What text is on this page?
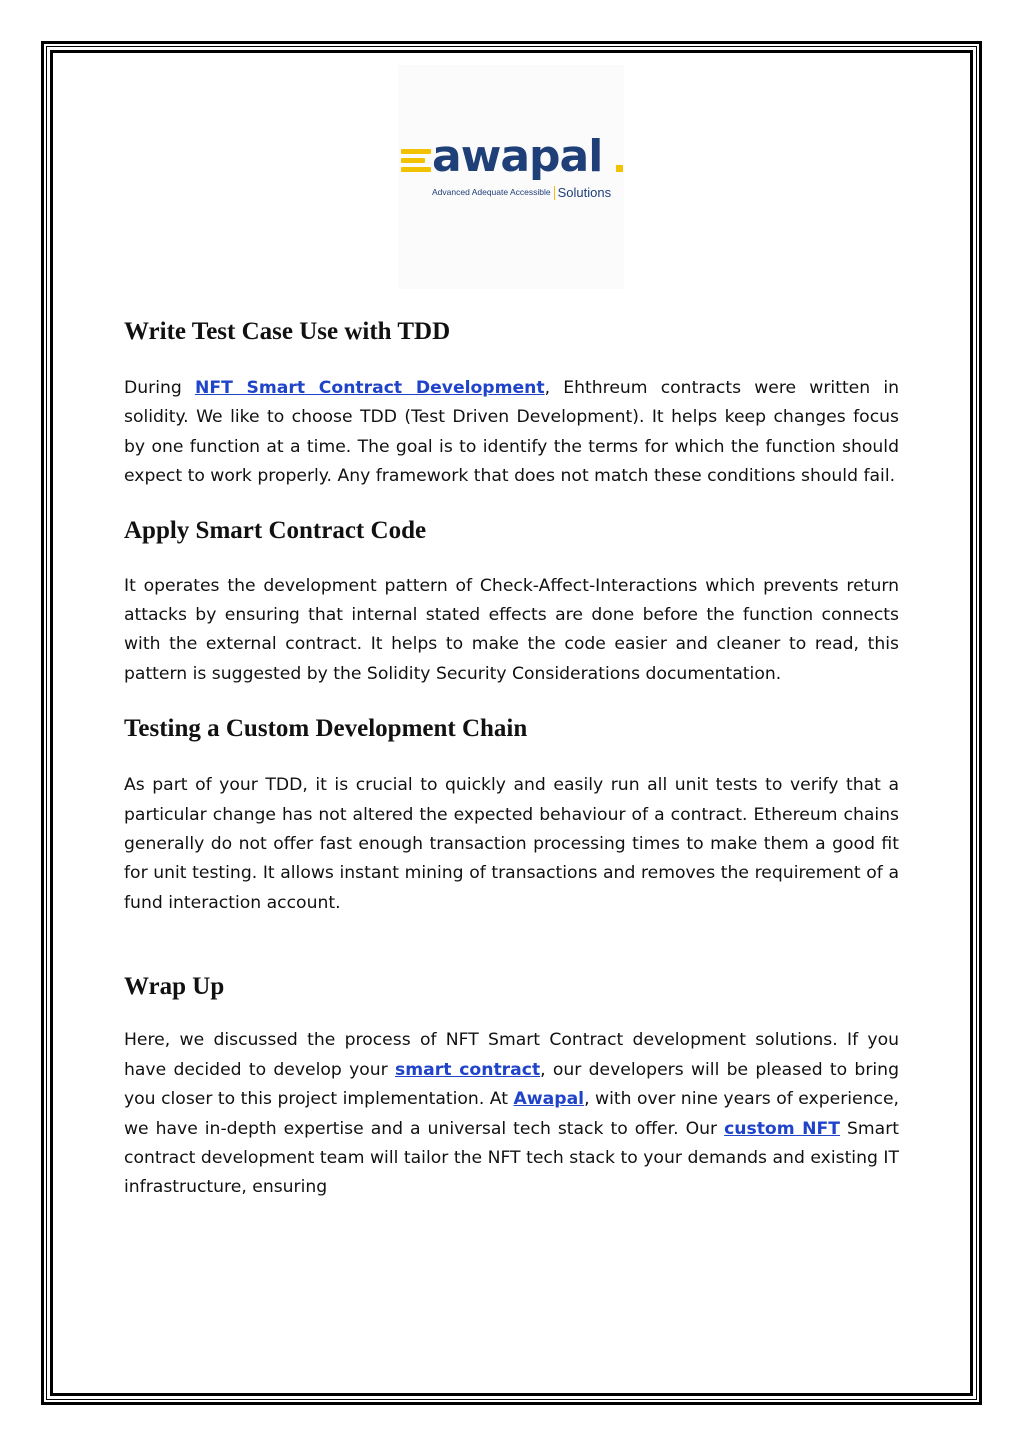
awapal
Advanced Adequate Accessible Solutions
Write Test Case Use with TDD

During NFT Smart Contract Development, Ehthreum contracts were written in solidity. We like to choose TDD (Test Driven Development). It helps keep changes focus by one function at a time. The goal is to identify the terms for which the function should expect to work properly. Any framework that does not match these conditions should fail.

Apply Smart Contract Code

It operates the development pattern of Check-Affect-Interactions which prevents return attacks by ensuring that internal stated effects are done before the function connects with the external contract. It helps to make the code easier and cleaner to read, this pattern is suggested by the Solidity Security Considerations documentation.

Testing a Custom Development Chain

As part of your TDD, it is crucial to quickly and easily run all unit tests to verify that a particular change has not altered the expected behaviour of a contract. Ethereum chains generally do not offer fast enough transaction processing times to make them a good fit for unit testing. It allows instant mining of transactions and removes the requirement of a fund interaction account.

Wrap Up

Here, we discussed the process of NFT Smart Contract development solutions. If you have decided to develop your smart contract, our developers will be pleased to bring you closer to this project implementation. At Awapal, with over nine years of experience, we have in-depth expertise and a universal tech stack to offer. Our custom NFT Smart contract development team will tailor the NFT tech stack to your demands and existing IT infrastructure, ensuring
